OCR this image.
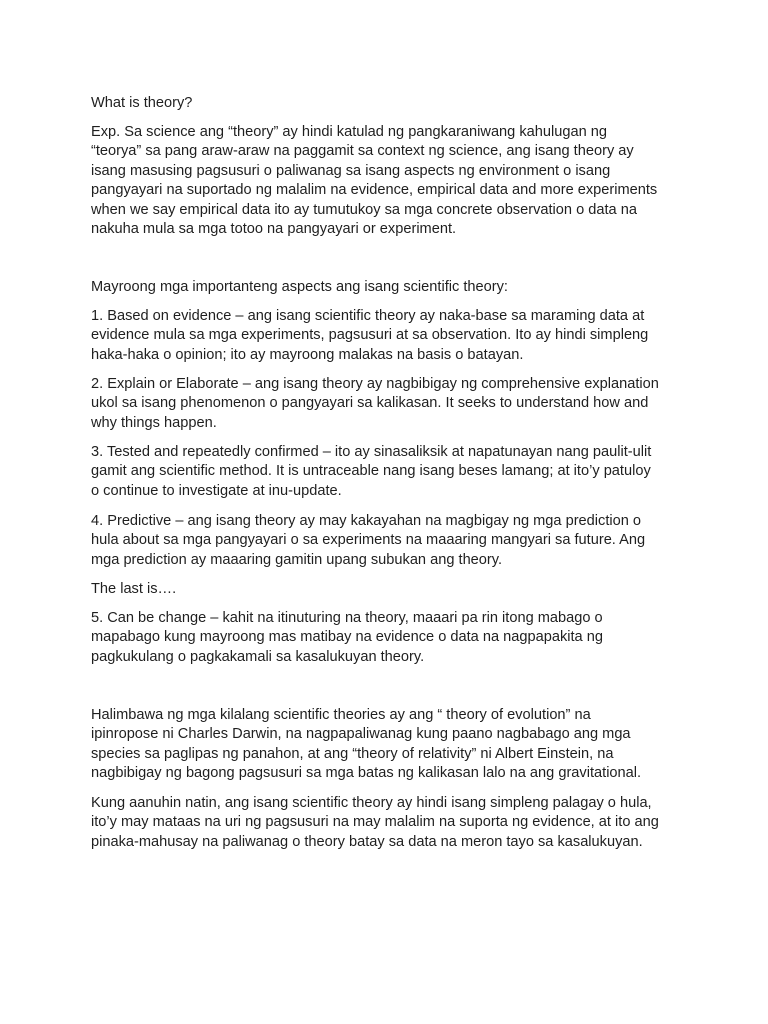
What is theory?

Exp. Sa science ang “theory” ay hindi katulad ng pangkaraniwang kahulugan ng
“teorya” sa pang araw-araw na paggamit sa context ng science, ang isang theory ay
isang masusing pagsusuri o paliwanag sa isang aspects ng environment o isang
pangyayari na suportado ng malalim na evidence, empirical data and more experiments
when we say empirical data ito ay tumutukoy sa mga concrete observation o data na
nakuha mula sa mga totoo na pangyayari or experiment.

Mayroong mga importanteng aspects ang isang scientific theory:

1. Based on evidence – ang isang scientific theory ay naka-base sa maraming data at
evidence mula sa mga experiments, pagsusuri at sa observation. Ito ay hindi simpleng
haka-haka o opinion; ito ay mayroong malakas na basis o batayan.

2. Explain or Elaborate – ang isang theory ay nagbibigay ng comprehensive explanation
ukol sa isang phenomenon o pangyayari sa kalikasan. It seeks to understand how and
why things happen.

3. Tested and repeatedly confirmed – ito ay sinasaliksik at napatunayan nang paulit-ulit
gamit ang scientific method. It is untraceable nang isang beses lamang; at ito’y patuloy
o continue to investigate at inu-update.

4. Predictive – ang isang theory ay may kakayahan na magbigay ng mga prediction o
hula about sa mga pangyayari o sa experiments na maaaring mangyari sa future. Ang
mga prediction ay maaaring gamitin upang subukan ang theory.

The last is….

5. Can be change – kahit na itinuturing na theory, maaari pa rin itong mabago o
mapabago kung mayroong mas matibay na evidence o data na nagpapakita ng
pagkukulang o pagkakamali sa kasalukuyan theory.

Halimbawa ng mga kilalang scientific theories ay ang “ theory of evolution” na
ipinropose ni Charles Darwin, na nagpapaliwanag kung paano nagbabago ang mga
species sa paglipas ng panahon, at ang “theory of relativity” ni Albert Einstein, na
nagbibigay ng bagong pagsusuri sa mga batas ng kalikasan lalo na ang gravitational.

Kung aanuhin natin, ang isang scientific theory ay hindi isang simpleng palagay o hula,
ito’y may mataas na uri ng pagsusuri na may malalim na suporta ng evidence, at ito ang
pinaka-mahusay na paliwanag o theory batay sa data na meron tayo sa kasalukuyan.
